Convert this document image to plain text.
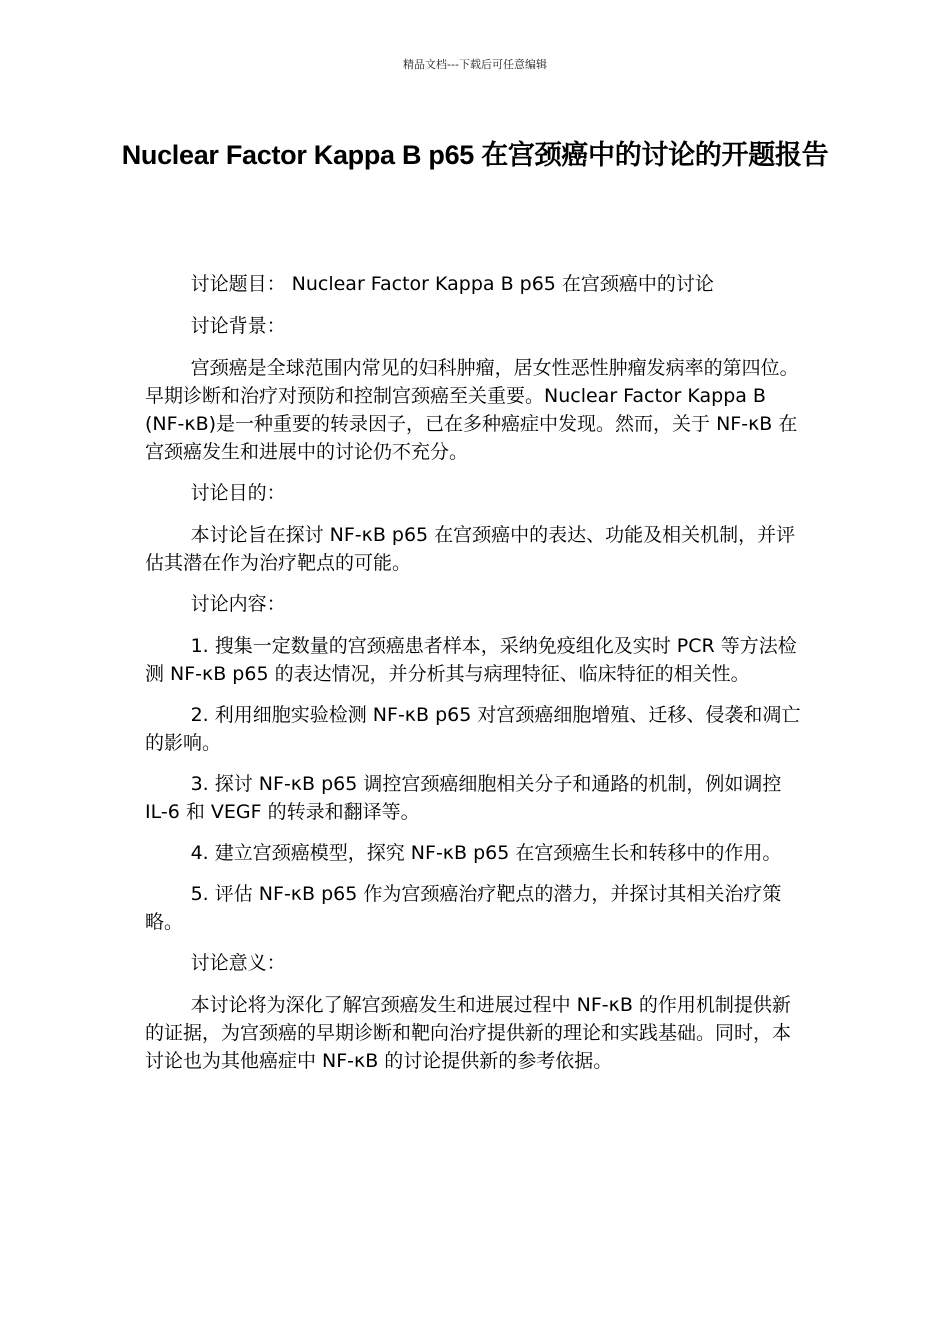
精品文档---下载后可任意编辑
Nuclear Factor Kappa B p65 在宫颈癌中的讨论的开题报告

讨论题目： Nuclear Factor Kappa B p65 在宫颈癌中的讨论

讨论背景：

宫颈癌是全球范围内常见的妇科肿瘤，居女性恶性肿瘤发病率的第四位。早期诊断和治疗对预防和控制宫颈癌至关重要。Nuclear Factor Kappa B (NF-κB)是一种重要的转录因子，已在多种癌症中发现。然而，关于 NF-κB 在宫颈癌发生和进展中的讨论仍不充分。

讨论目的：

本讨论旨在探讨 NF-κB p65 在宫颈癌中的表达、功能及相关机制，并评估其潜在作为治疗靶点的可能。

讨论内容：

1. 搜集一定数量的宫颈癌患者样本，采纳免疫组化及实时 PCR 等方法检测 NF-κB p65 的表达情况，并分析其与病理特征、临床特征的相关性。

2. 利用细胞实验检测 NF-κB p65 对宫颈癌细胞增殖、迁移、侵袭和凋亡的影响。

3. 探讨 NF-κB p65 调控宫颈癌细胞相关分子和通路的机制，例如调控 IL-6 和 VEGF 的转录和翻译等。

4. 建立宫颈癌模型，探究 NF-κB p65 在宫颈癌生长和转移中的作用。

5. 评估 NF-κB p65 作为宫颈癌治疗靶点的潜力，并探讨其相关治疗策略。

讨论意义：

本讨论将为深化了解宫颈癌发生和进展过程中 NF-κB 的作用机制提供新的证据，为宫颈癌的早期诊断和靶向治疗提供新的理论和实践基础。同时，本讨论也为其他癌症中 NF-κB 的讨论提供新的参考依据。
